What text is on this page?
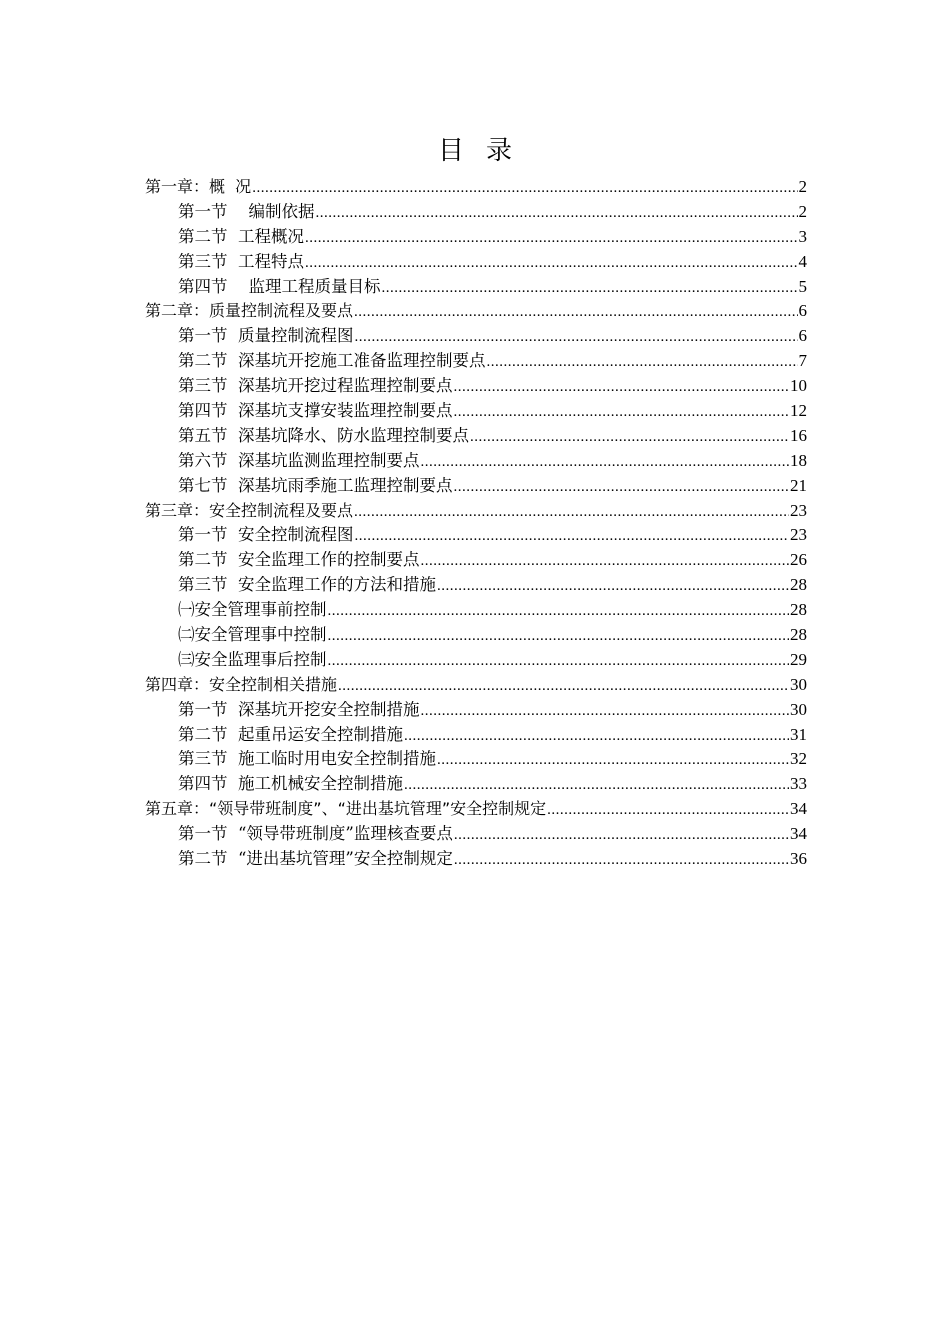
目录
第一章：概  况 .....	2
第一节    编制依据 .....	2
第二节  工程概况 .....	3
第三节  工程特点 .....	4
第四节    监理工程质量目标 .....	5
第二章：质量控制流程及要点 .....	6
第一节  质量控制流程图 .....	6
第二节  深基坑开挖施工准备监理控制要点 .....	7
第三节  深基坑开挖过程监理控制要点 .....	10
第四节  深基坑支撑安装监理控制要点 .....	12
第五节  深基坑降水、防水监理控制要点 .....	16
第六节  深基坑监测监理控制要点 .....	18
第七节  深基坑雨季施工监理控制要点 .....	21
第三章：安全控制流程及要点 .....	23
第一节  安全控制流程图 .....	23
第二节  安全监理工作的控制要点 .....	26
第三节  安全监理工作的方法和措施 .....	28
㈠安全管理事前控制 .....	28
㈡安全管理事中控制 .....	28
㈢安全监理事后控制 .....	29
第四章：安全控制相关措施 .....	30
第一节  深基坑开挖安全控制措施 .....	30
第二节  起重吊运安全控制措施 .....	31
第三节  施工临时用电安全控制措施 .....	32
第四节  施工机械安全控制措施 .....	33
第五章：“领导带班制度”、“进出基坑管理”安全控制规定 .....	34
第一节  “领导带班制度”监理核查要点 .....	34
第二节  “进出基坑管理”安全控制规定 .....	36
